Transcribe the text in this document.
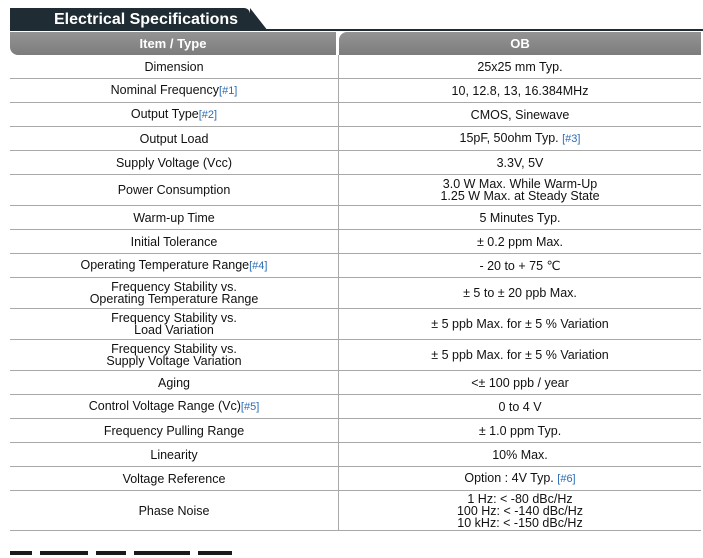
Electrical Specifications
Item / Type		OB
Dimension		25x25 mm Typ.
Nominal Frequency[#1]		10, 12.8, 13, 16.384MHz
Output Type[#2]		CMOS, Sinewave
Output Load		15pF, 50ohm Typ. [#3]
Supply Voltage (Vcc)		3.3V, 5V
Power Consumption		3.0 W Max. While Warm-Up
1.25 W Max. at Steady State

Warm-up Time		5 Minutes Typ.
Initial Tolerance		± 0.2 ppm Max.
Operating Temperature Range[#4]		- 20 to + 75 ℃

Frequency Stability vs.
Operating Temperature Range		± 5 to ± 20 ppb Max.

Frequency Stability vs.
Load Variation		± 5 ppb Max. for ± 5 % Variation

Frequency Stability vs.
Supply Voltage Variation		± 5 ppb Max. for ± 5 % Variation
Aging		<± 100 ppb / year
Control Voltage Range (Vc)[#5]		0 to 4 V
Frequency Pulling Range		± 1.0 ppm Typ.
Linearity		10% Max.
Voltage Reference		Option : 4V Typ. [#6]
Phase Noise		1 Hz: < -80 dBc/Hz
100 Hz: < -140 dBc/Hz
10 kHz: < -150 dBc/Hz
